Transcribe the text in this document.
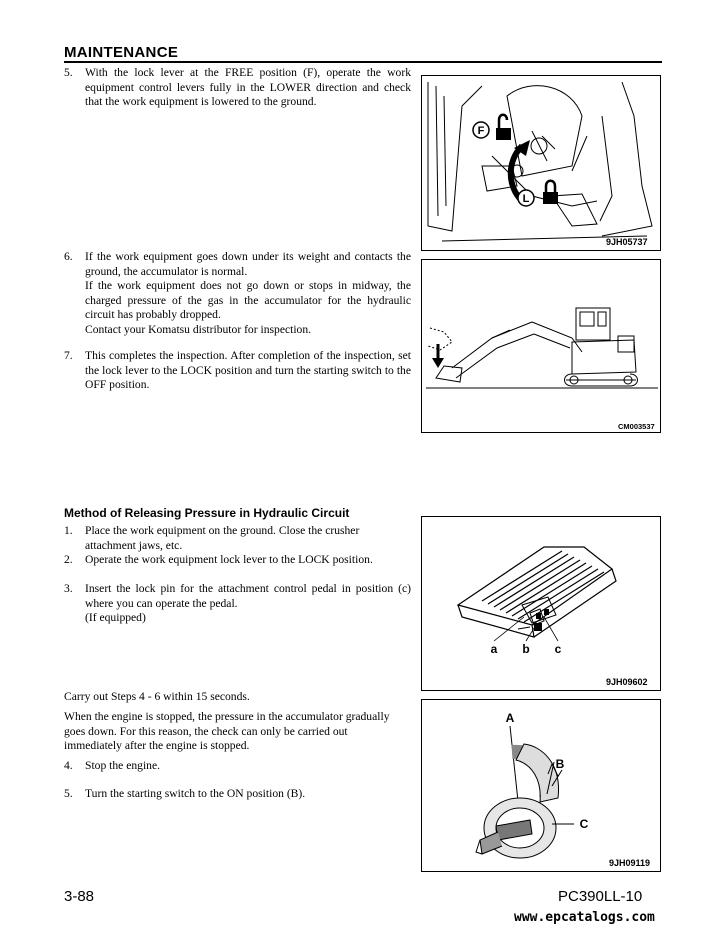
MAINTENANCE
5. With the lock lever at the FREE position (F), operate the work equipment control levers fully in the LOWER direction and check that the work equipment is lowered to the ground.
6. If the work equipment goes down under its weight and contacts the ground, the accumulator is normal.
If the work equipment does not go down or stops in midway, the charged pressure of the gas in the accumulator for the hydraulic circuit has probably dropped.
Contact your Komatsu distributor for inspection.
7. This completes the inspection. After completion of the inspection, set the lock lever to the LOCK position and turn the starting switch to the OFF position.
F
L
9JH05737
CM003537
Method of Releasing Pressure in Hydraulic Circuit
1. Place the work equipment on the ground. Close the crusher attachment jaws, etc.
2. Operate the work equipment lock lever to the LOCK position.
3. Insert the lock pin for the attachment control pedal in position (c) where you can operate the pedal.
(If equipped)
Carry out Steps 4 - 6 within 15 seconds.
When the engine is stopped, the pressure in the accumulator gradually goes down. For this reason, the check can only be carried out immediately after the engine is stopped.
4. Stop the engine.
5. Turn the starting switch to the ON position (B).
a b c
9JH09602
A
B
C
9JH09119
3-88	PC390LL-10
www.epcatalogs.com
